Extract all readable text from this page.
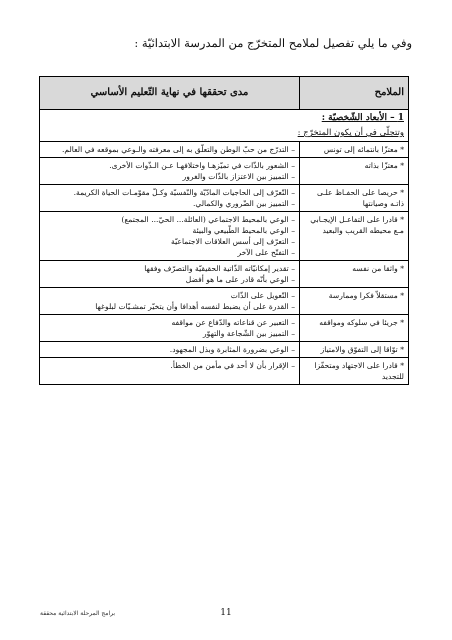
وفي ما يلي تفصيل لملامح المتخرّج من المدرسة الابتدائيّة :
الملامح	مدى تحققها في نهاية التّعليم الأساسي

1 – الأبعاد الشّخصيّة :
وتتجلّى في أن يكون المتخرّج :	

* معتزّا بانتمائه إلى تونس	– التدرّج من حبّ الوطن والتعلّق به إلى معرفته والـوعي بموقعه في العالم.

* معتزّا بذاته	– الشعور بالذّات في تميّزهـا واختلافهـا عـن الـذّوات الأخرى.
– التمييز بين الاعتزاز بالذّات والغرور

* حريصا على الحفـاظ علـى ذاتـه وصيانتها	– التّعرّف إلى الحاجيات المادّيّة والنّفسيّة وكـلّ مقوّمـات الحياة الكريمة.
– التمييز بين الضّروري والكمالي.

* قادرا على التفاعـل الإيجـابي مـع محيطه القريب والبعيد	– الوعي بالمحيط الاجتماعي (العائلة... الحيّ... المجتمع)
– الوعي بالمحيط الطّبيعي والبيئة
– التعرّف إلى أسس العلاقات الاجتماعيّة
– التفتّح على الآخر

* واثقا من نفسه	– تقدير إمكانيّاته الذّاتية الحقيقيّة والتصرّف وفقها
– الوعي بأنّه قادر على ما هو أفضل

* مستقلاّ فكرا وممارسة	– التّعويل على الذّات
– القدرة على أن يضبط لنفسه أهدافا وأن يتخيّر تمشـيّات لبلوغها

* جريئا في سلوكه ومواقفه	– التعبير عن قناعاته والدّفاع عن مواقفه
– التمييز بين الشّجاعة والتهوّر

* توّاقا إلى التفوّق والامتياز	– الوعي بضرورة المثابرة وبذل المجهود.

* قادرا على الاجتهاد ومتحفّزا للتجديد	– الإقرار بأن لا أحد في مأمن من الخطأ.
برامج المرحلة الابتدائية محققة	11
